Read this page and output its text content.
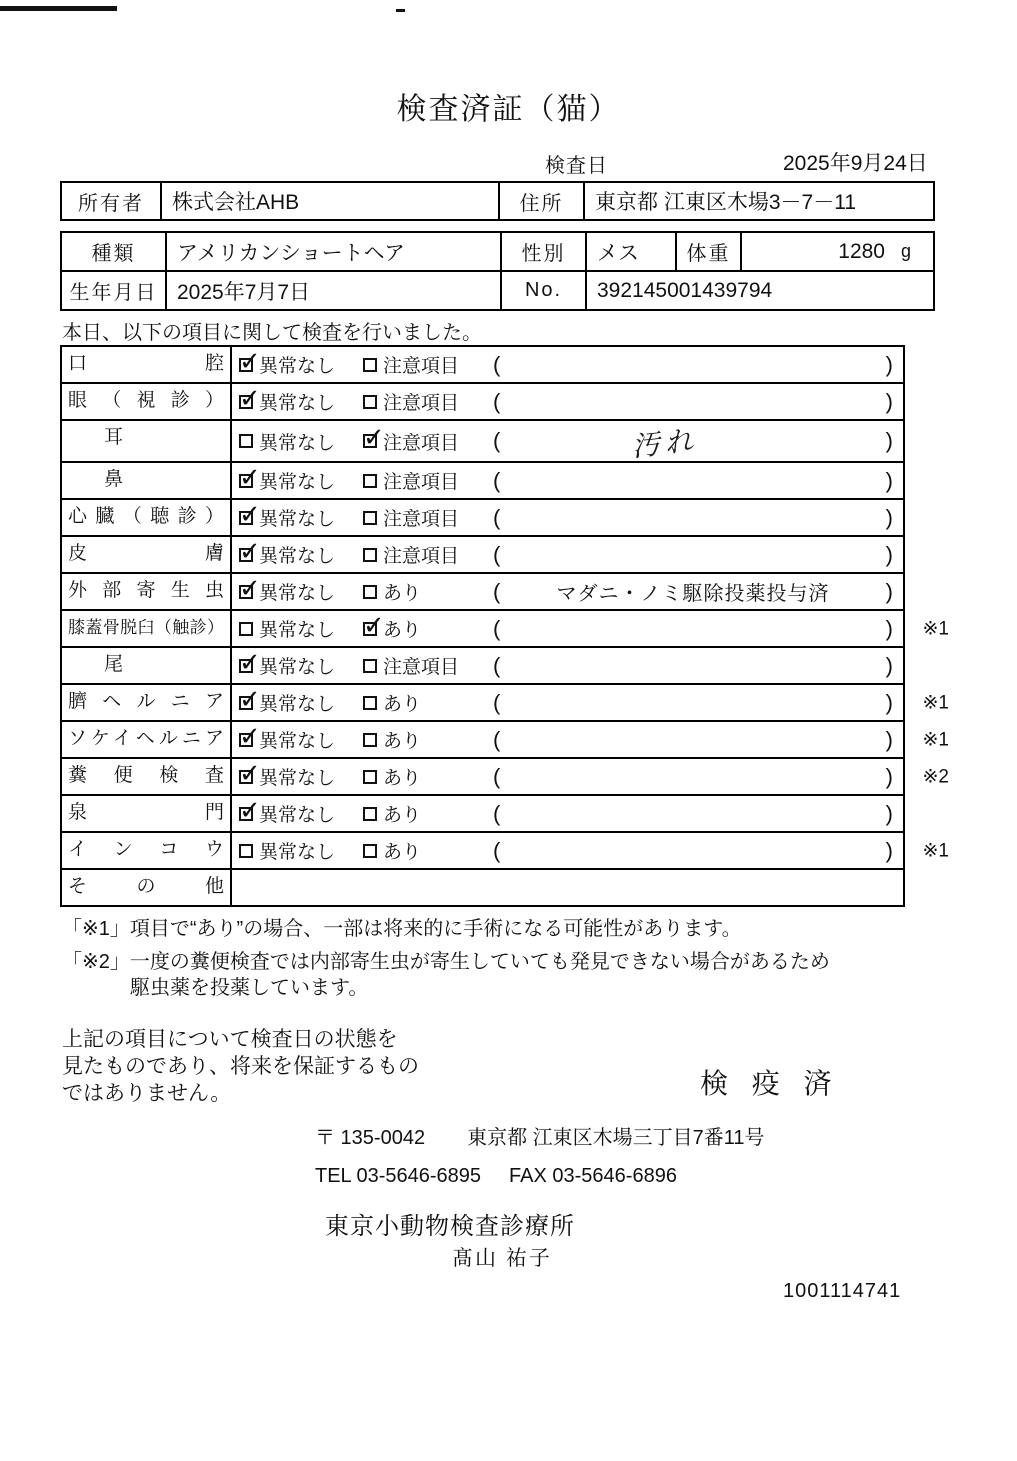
検査済証（猫）
検査日	2025年9月24日
所有者	株式会社AHB	住所	東京都 江東区木場3－7－11
種類	アメリカンショートヘア	性別	メス	体重	1280 g
生年月日 2025年7月7日	No.	392145001439794
本日、以下の項目に関して検査を行いました。
口腔 ✓	異常なし	注意項目 (	)
眼（視診） ✓	異常なし	注意項目 (	)
耳	異常なし ✓	注意項目 (	汚れ	)
鼻 ✓	異常なし	注意項目 (	)
心臓（聴診） ✓	異常なし	注意項目 (	)
皮膚 ✓	異常なし	注意項目 (	)
外部寄生虫 ✓	異常なし	あり	(	マダニ・ノミ駆除投薬投与済	)
膝蓋骨脱臼（触診）	異常なし ✓	あり	(	) ※1
尾 ✓	異常なし	注意項目 (	)
臍ヘルニア ✓	異常なし	あり	(	) ※1
ソケイヘルニア ✓	異常なし	あり	(	) ※1
糞便検査 ✓	異常なし	あり	(	) ※2
泉門 ✓	異常なし	あり	(	)
インコウ	異常なし	あり	(	) ※1
その他
「※1」項目で“あり”の場合、一部は将来的に手術になる可能性があります。
「※2」一度の糞便検査では内部寄生虫が寄生していても発見できない場合があるため
駆虫薬を投薬しています。
上記の項目について検査日の状態を
見たものであり、将来を保証するもの
ではありません。	検 疫 済
〒 135-0042 東京都 江東区木場三丁目7番11号
TEL 03-5646-6895 FAX 03-5646-6896
東京小動物検査診療所
髙山 祐子
1001114741
